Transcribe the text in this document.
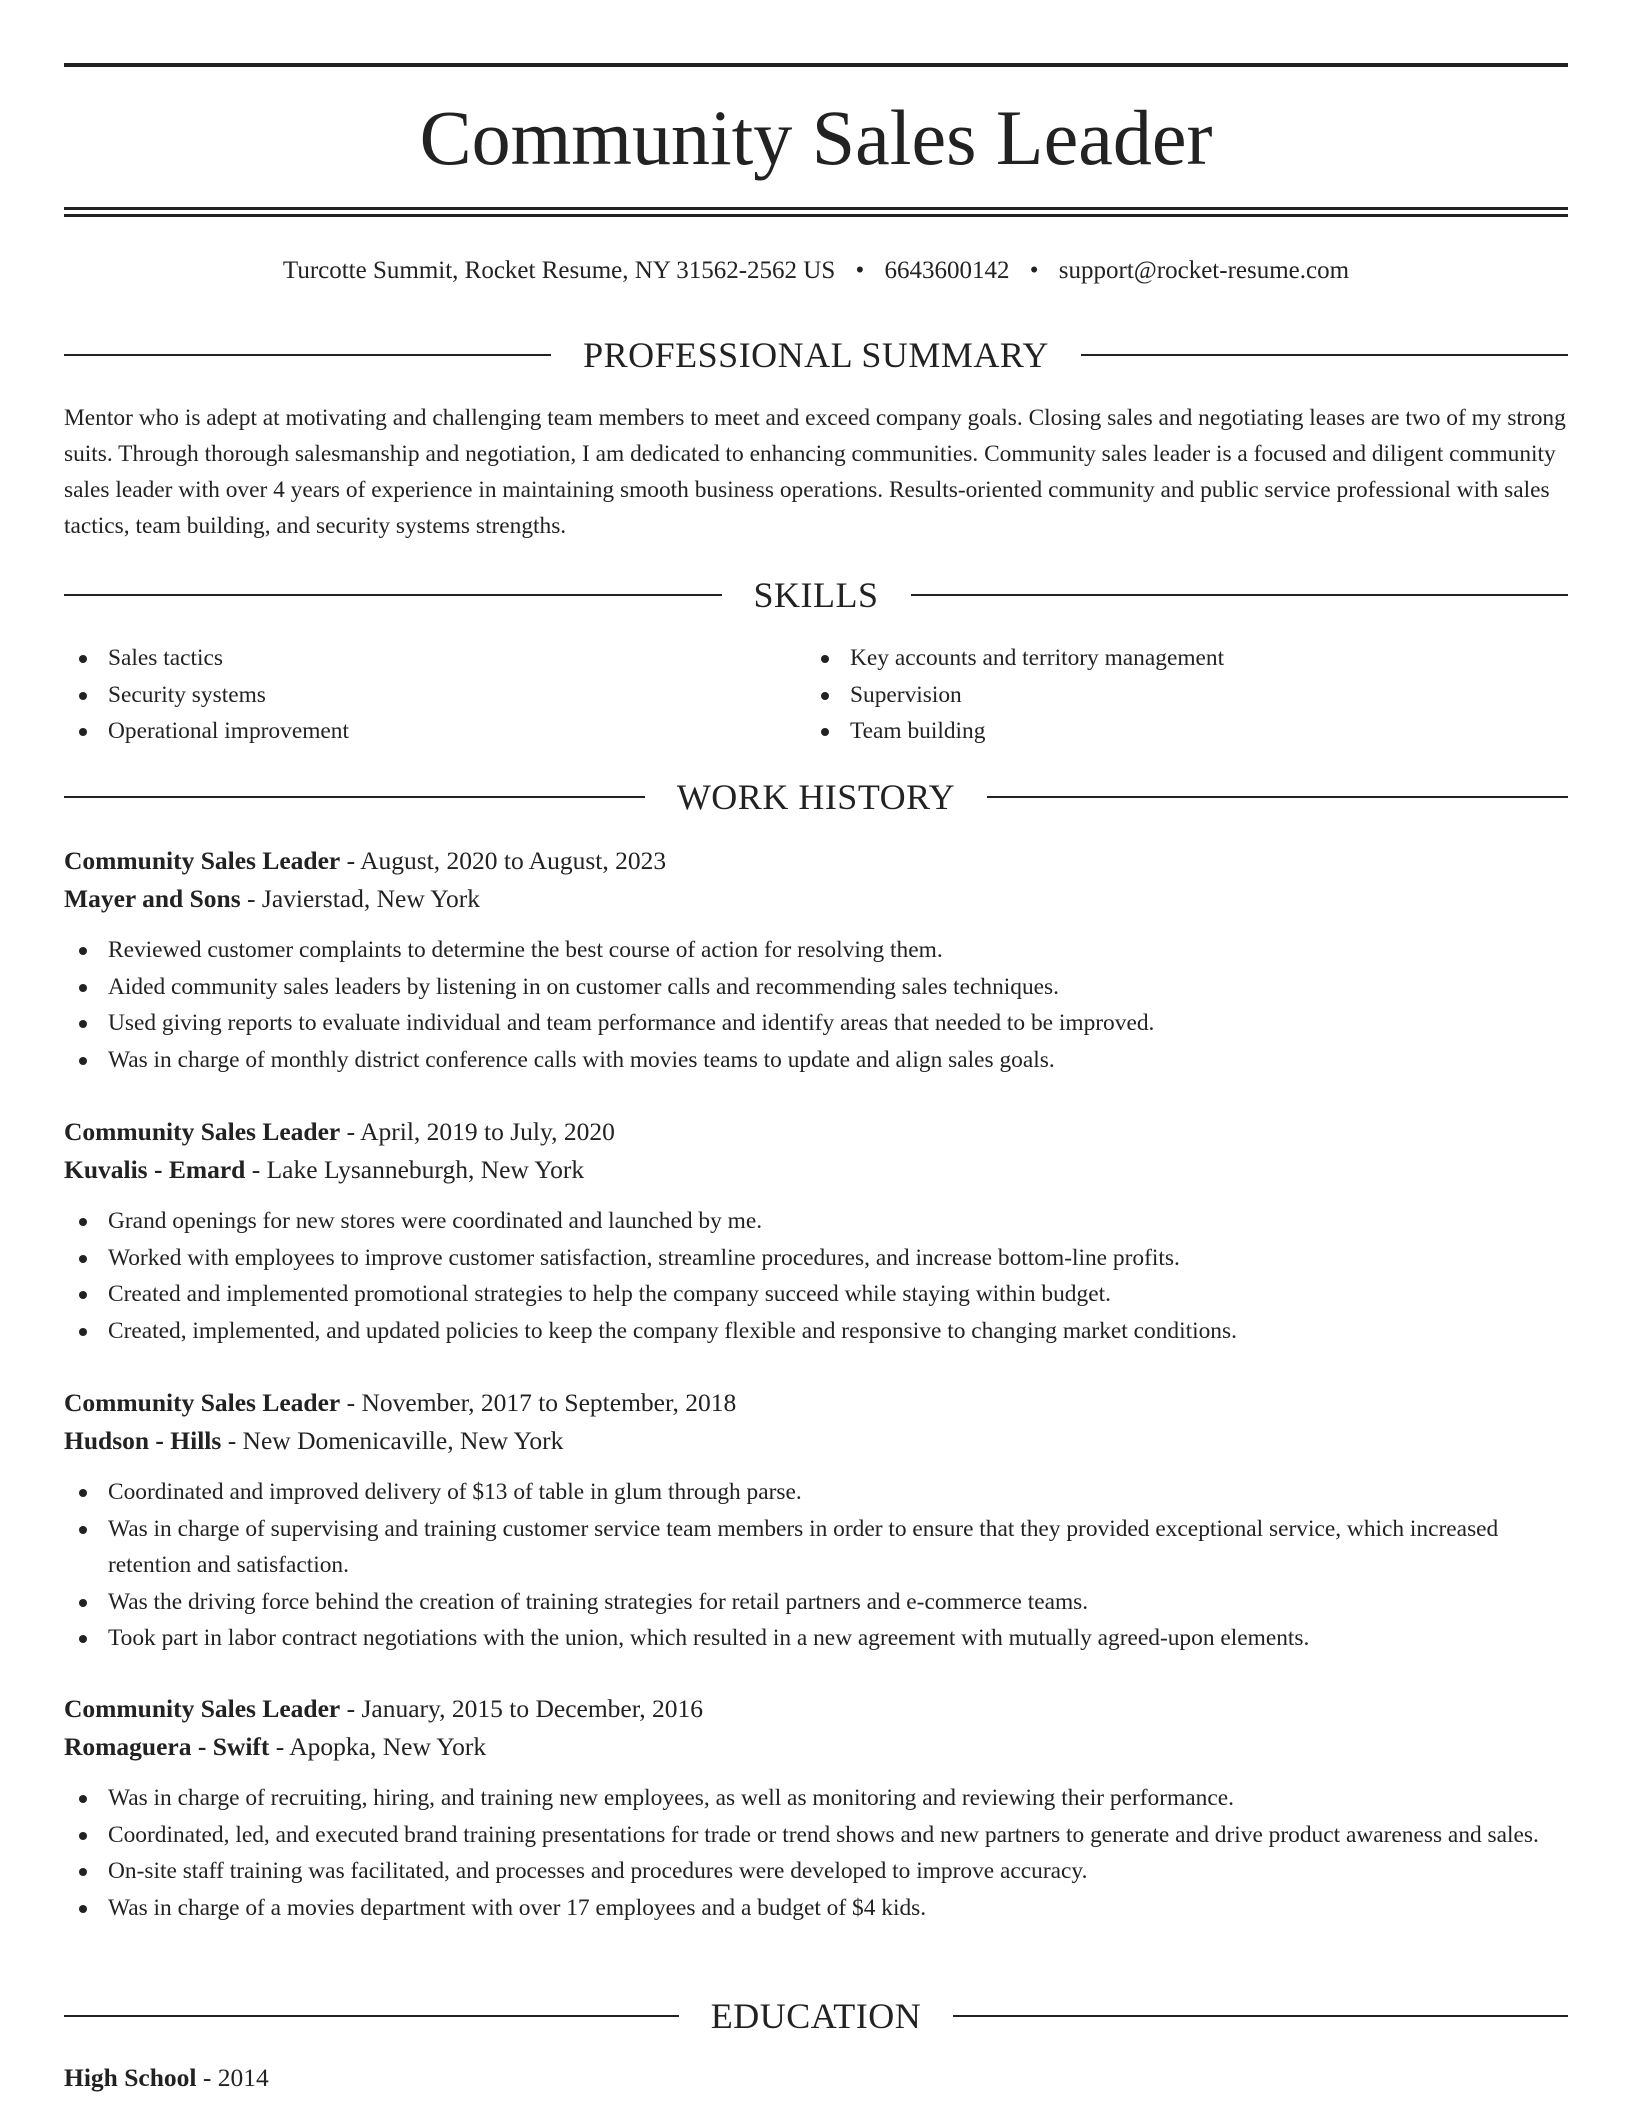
Community Sales Leader
Turcotte Summit, Rocket Resume, NY 31562-2562 US • 6643600142 • support@rocket-resume.com
PROFESSIONAL SUMMARY

Mentor who is adept at motivating and challenging team members to meet and exceed company goals. Closing sales and negotiating leases are two of my strong suits. Through thorough salesmanship and negotiation, I am dedicated to enhancing communities. Community sales leader is a focused and diligent community sales leader with over 4 years of experience in maintaining smooth business operations. Results-oriented community and public service professional with sales tactics, team building, and security systems strengths.

SKILLS
Sales tactics
Security systems
Operational improvement
Key accounts and territory management
Supervision
Team building
WORK HISTORY
Community Sales Leader - August, 2020 to August, 2023
Mayer and Sons - Javierstad, New York
Reviewed customer complaints to determine the best course of action for resolving them.
Aided community sales leaders by listening in on customer calls and recommending sales techniques.
Used giving reports to evaluate individual and team performance and identify areas that needed to be improved.
Was in charge of monthly district conference calls with movies teams to update and align sales goals.
Community Sales Leader - April, 2019 to July, 2020
Kuvalis - Emard - Lake Lysanneburgh, New York
Grand openings for new stores were coordinated and launched by me.
Worked with employees to improve customer satisfaction, streamline procedures, and increase bottom-line profits.
Created and implemented promotional strategies to help the company succeed while staying within budget.
Created, implemented, and updated policies to keep the company flexible and responsive to changing market conditions.
Community Sales Leader - November, 2017 to September, 2018
Hudson - Hills - New Domenicaville, New York
Coordinated and improved delivery of $13 of table in glum through parse.
Was in charge of supervising and training customer service team members in order to ensure that they provided exceptional service, which increased retention and satisfaction.
Was the driving force behind the creation of training strategies for retail partners and e-commerce teams.
Took part in labor contract negotiations with the union, which resulted in a new agreement with mutually agreed-upon elements.
Community Sales Leader - January, 2015 to December, 2016
Romaguera - Swift - Apopka, New York
Was in charge of recruiting, hiring, and training new employees, as well as monitoring and reviewing their performance.
Coordinated, led, and executed brand training presentations for trade or trend shows and new partners to generate and drive product awareness and sales.
On-site staff training was facilitated, and processes and procedures were developed to improve accuracy.
Was in charge of a movies department with over 17 employees and a budget of $4 kids.
EDUCATION
High School - 2014
